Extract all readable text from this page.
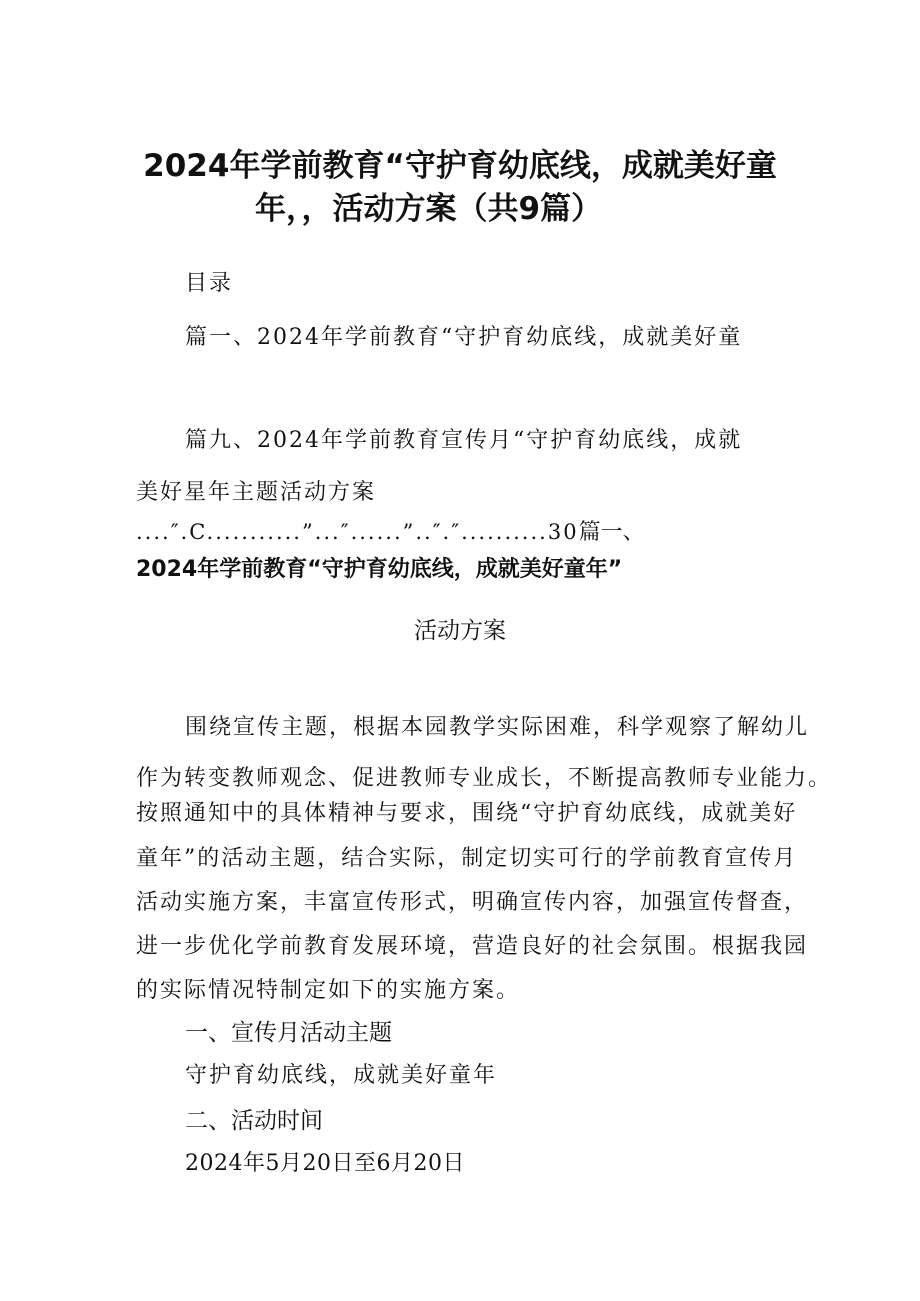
2024年学前教育“守护育幼底线，成就美好童
年，，活动方案（共9篇）
目录
篇一、2024年学前教育“守护育幼底线，成就美好童
篇九、2024年学前教育宣传月“守护育幼底线，成就
美好星年主题活动方案
....″.C...........”...″......”..″.″..........30篇一、
2024年学前教育“守护育幼底线，成就美好童年”
活动方案
围绕宣传主题，根据本园教学实际困难，科学观察了解幼儿
作为转变教师观念、促进教师专业成长，不断提高教师专业能力。
按照通知中的具体精神与要求，围绕“守护育幼底线，成就美好
童年”的活动主题，结合实际，制定切实可行的学前教育宣传月
活动实施方案，丰富宣传形式，明确宣传内容，加强宣传督查，
进一步优化学前教育发展环境，营造良好的社会氛围。根据我园
的实际情况特制定如下的实施方案。
一、宣传月活动主题
守护育幼底线，成就美好童年
二、活动时间
2024年5月20日至6月20日
